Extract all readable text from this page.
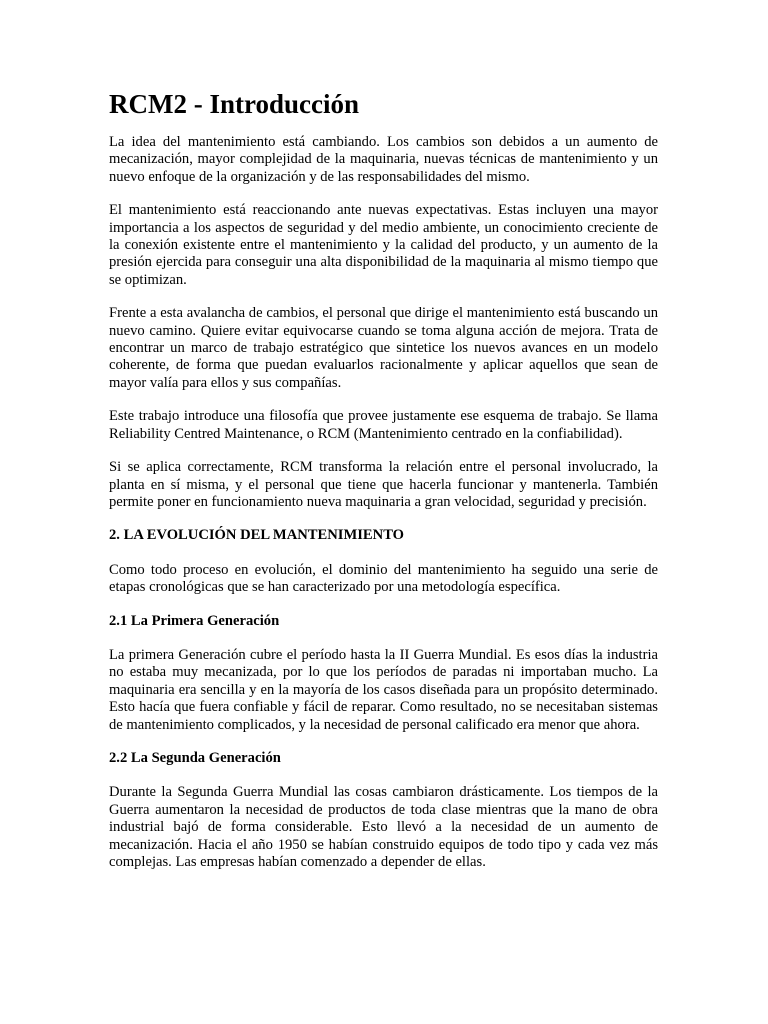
RCM2 - Introducción

La idea del mantenimiento está cambiando. Los cambios son debidos a un aumento de mecanización, mayor complejidad de la maquinaria, nuevas técnicas de mantenimiento y un nuevo enfoque de la organización y de las responsabilidades del mismo.

El mantenimiento está reaccionando ante nuevas expectativas. Estas incluyen una mayor importancia a los aspectos de seguridad y del medio ambiente, un conocimiento creciente de la conexión existente entre el mantenimiento y la calidad del producto, y un aumento de la presión ejercida para conseguir una alta disponibilidad de la maquinaria al mismo tiempo que se optimizan.

Frente a esta avalancha de cambios, el personal que dirige el mantenimiento está buscando un nuevo camino. Quiere evitar equivocarse cuando se toma alguna acción de mejora. Trata de encontrar un marco de trabajo estratégico que sintetice los nuevos avances en un modelo coherente, de forma que puedan evaluarlos racionalmente y aplicar aquellos que sean de mayor valía para ellos y sus compañías.

Este trabajo introduce una filosofía que provee justamente ese esquema de trabajo. Se llama Reliability Centred Maintenance, o RCM (Mantenimiento centrado en la confiabilidad).

Si se aplica correctamente, RCM transforma la relación entre el personal involucrado, la planta en sí misma, y el personal que tiene que hacerla funcionar y mantenerla. También permite poner en funcionamiento nueva maquinaria a gran velocidad, seguridad y precisión.

2. LA EVOLUCIÓN DEL MANTENIMIENTO

Como todo proceso en evolución, el dominio del mantenimiento ha seguido una serie de etapas cronológicas que se han caracterizado por una metodología específica.

2.1 La Primera Generación

La primera Generación cubre el período hasta la II Guerra Mundial. Es esos días la industria no estaba muy mecanizada, por lo que los períodos de paradas ni importaban mucho. La maquinaria era sencilla y en la mayoría de los casos diseñada para un propósito determinado. Esto hacía que fuera confiable y fácil de reparar. Como resultado, no se necesitaban sistemas de mantenimiento complicados, y la necesidad de personal calificado era menor que ahora.

2.2 La Segunda Generación

Durante la Segunda Guerra Mundial las cosas cambiaron drásticamente. Los tiempos de la Guerra aumentaron la necesidad de productos de toda clase mientras que la mano de obra industrial bajó de forma considerable. Esto llevó a la necesidad de un aumento de mecanización. Hacia el año 1950 se habían construido equipos de todo tipo y cada vez más complejas. Las empresas habían comenzado a depender de ellas.
